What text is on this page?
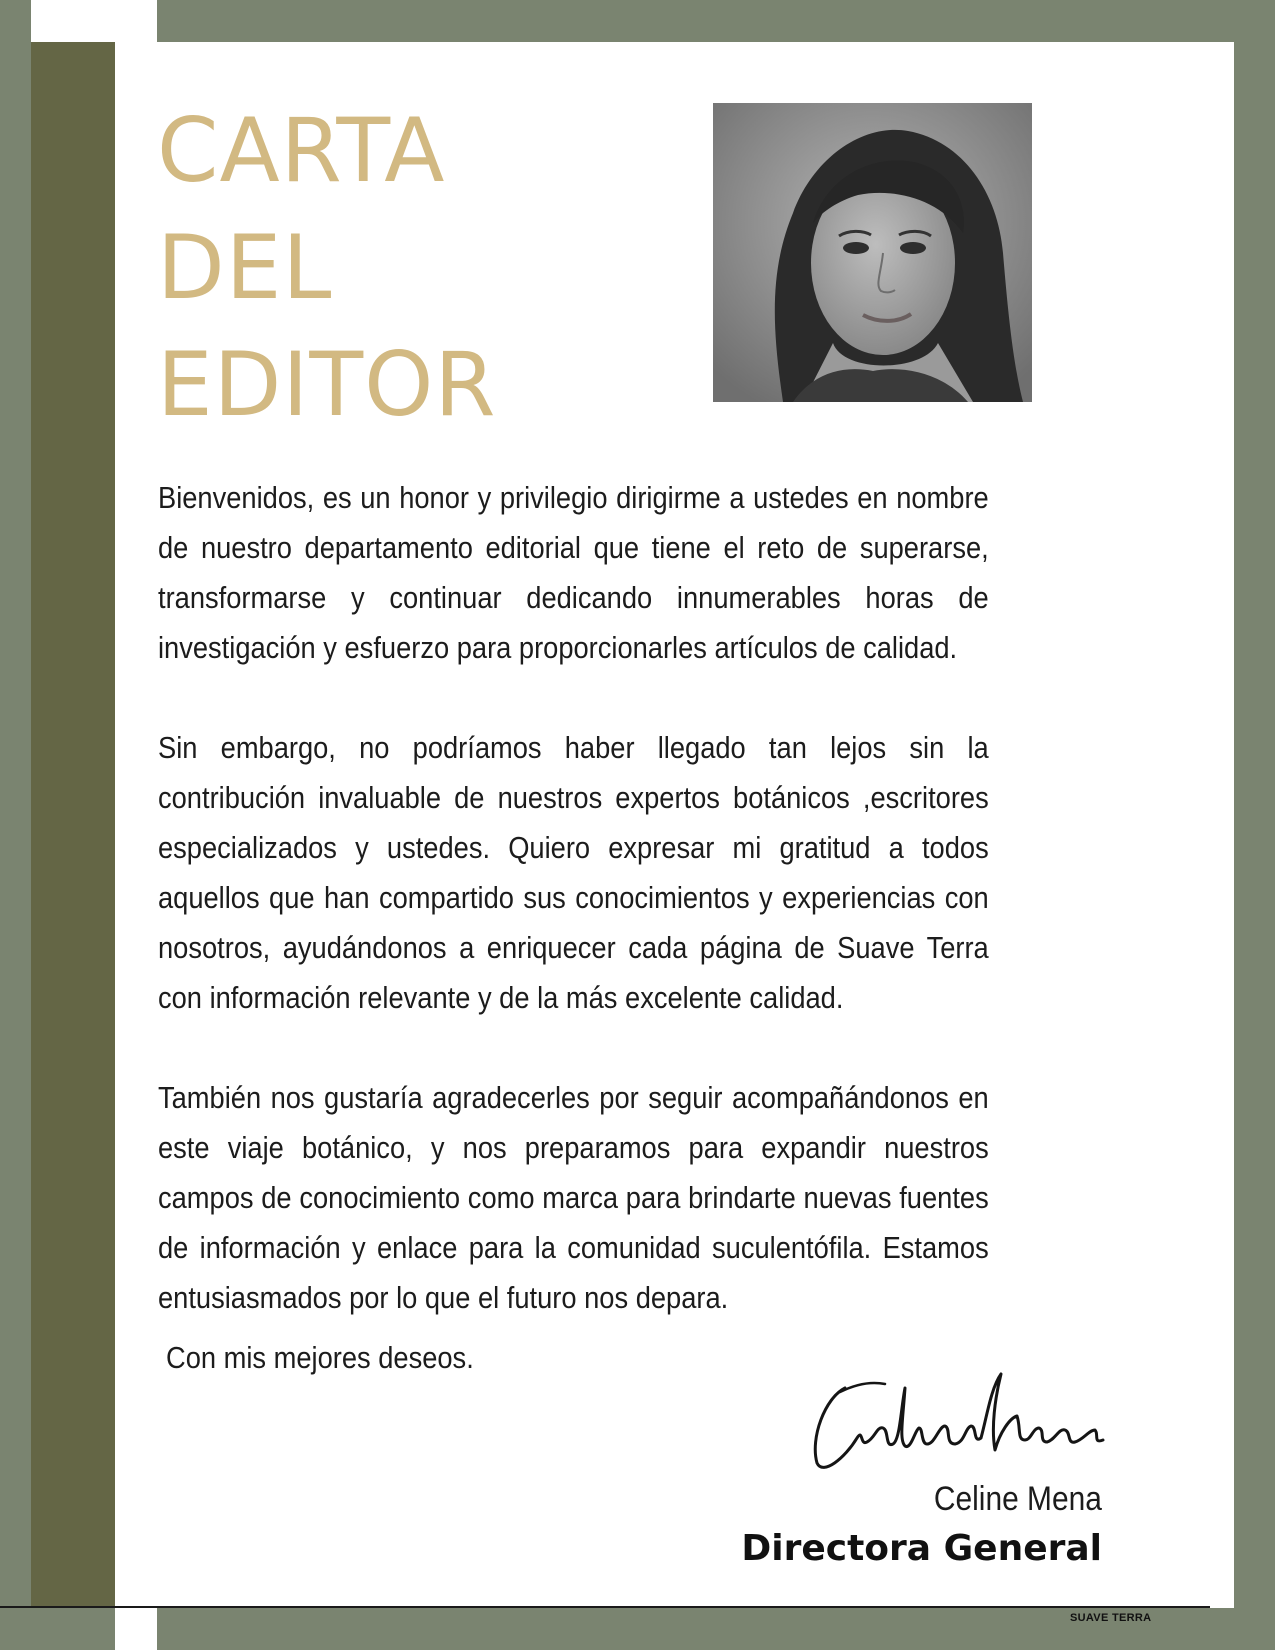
SUAVE TERRA
CARTA
DEL
EDITOR

Bienvenidos, es un honor y privilegio dirigirme a ustedes en nombre de nuestro departamento editorial que tiene el reto de superarse, transformarse y continuar dedicando innumerables horas de investigación y esfuerzo para proporcionarles artículos de calidad.

Sin embargo, no podríamos haber llegado tan lejos sin la contribución invaluable de nuestros expertos botánicos ,escritores especializados y ustedes. Quiero expresar mi gratitud a todos aquellos que han compartido sus conocimientos y experiencias con nosotros, ayudándonos a enriquecer cada página de Suave Terra con información relevante y de la más excelente calidad.

También nos gustaría agradecerles por seguir acompañándonos en este viaje botánico, y nos preparamos para expandir nuestros campos de conocimiento como marca para brindarte nuevas fuentes de información y enlace para la comunidad suculentófila. Estamos entusiasmados por lo que el futuro nos depara.

Con mis mejores deseos.
Celine Mena
Directora General
